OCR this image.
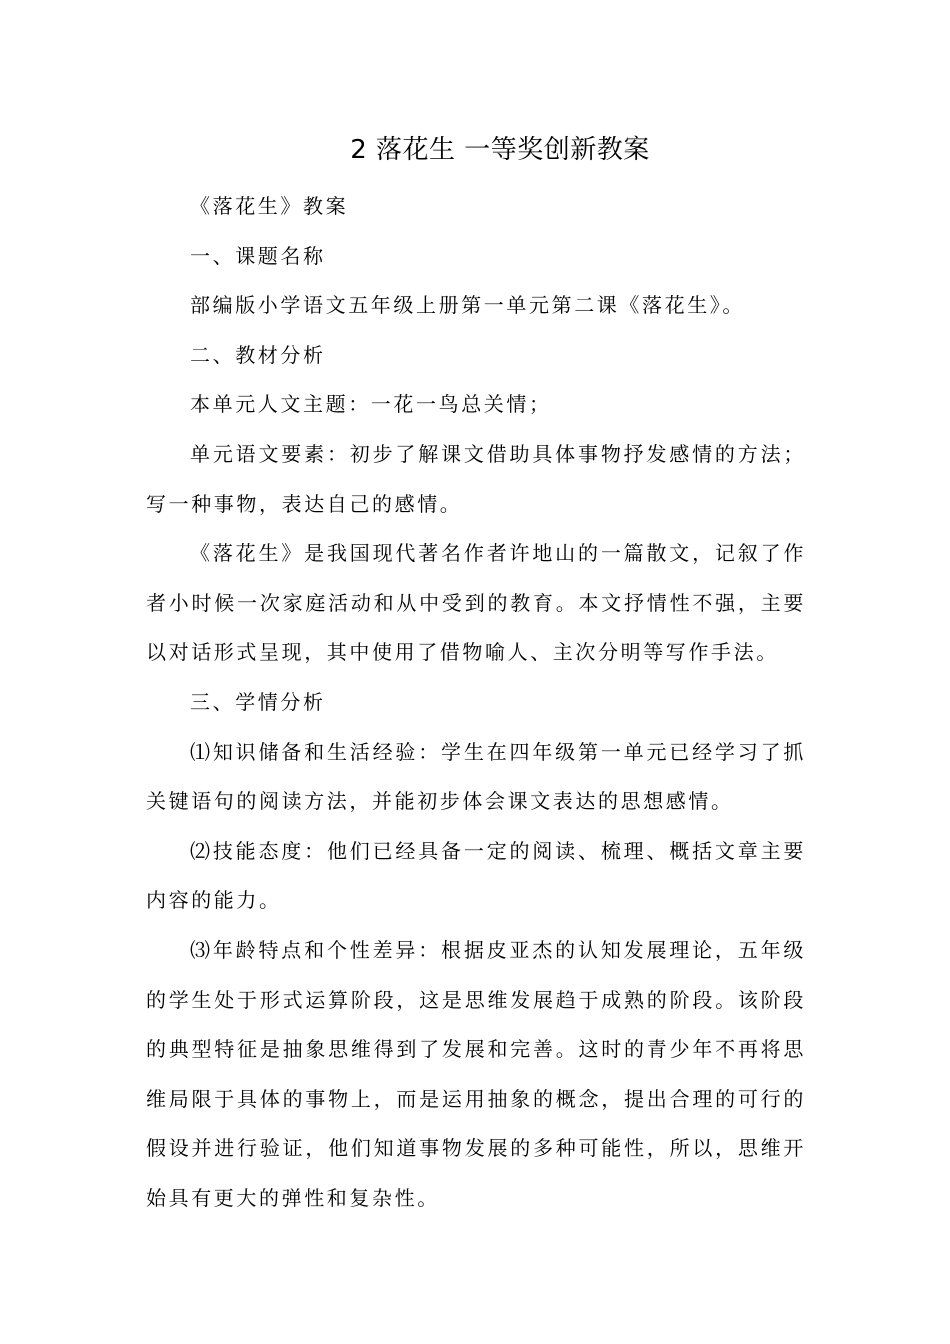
2 落花生 一等奖创新教案

《落花生》教案

一、课题名称

部编版小学语文五年级上册第一单元第二课《落花生》。

二、教材分析

本单元人文主题：一花一鸟总关情；

单元语文要素：初步了解课文借助具体事物抒发感情的方法；写一种事物，表达自己的感情。

《落花生》是我国现代著名作者许地山的一篇散文，记叙了作者小时候一次家庭活动和从中受到的教育。本文抒情性不强，主要以对话形式呈现，其中使用了借物喻人、主次分明等写作手法。

三、学情分析

⑴知识储备和生活经验：学生在四年级第一单元已经学习了抓关键语句的阅读方法，并能初步体会课文表达的思想感情。

⑵技能态度：他们已经具备一定的阅读、梳理、概括文章主要内容的能力。

⑶年龄特点和个性差异：根据皮亚杰的认知发展理论，五年级的学生处于形式运算阶段，这是思维发展趋于成熟的阶段。该阶段的典型特征是抽象思维得到了发展和完善。这时的青少年不再将思维局限于具体的事物上，而是运用抽象的概念，提出合理的可行的假设并进行验证，他们知道事物发展的多种可能性，所以，思维开始具有更大的弹性和复杂性。
